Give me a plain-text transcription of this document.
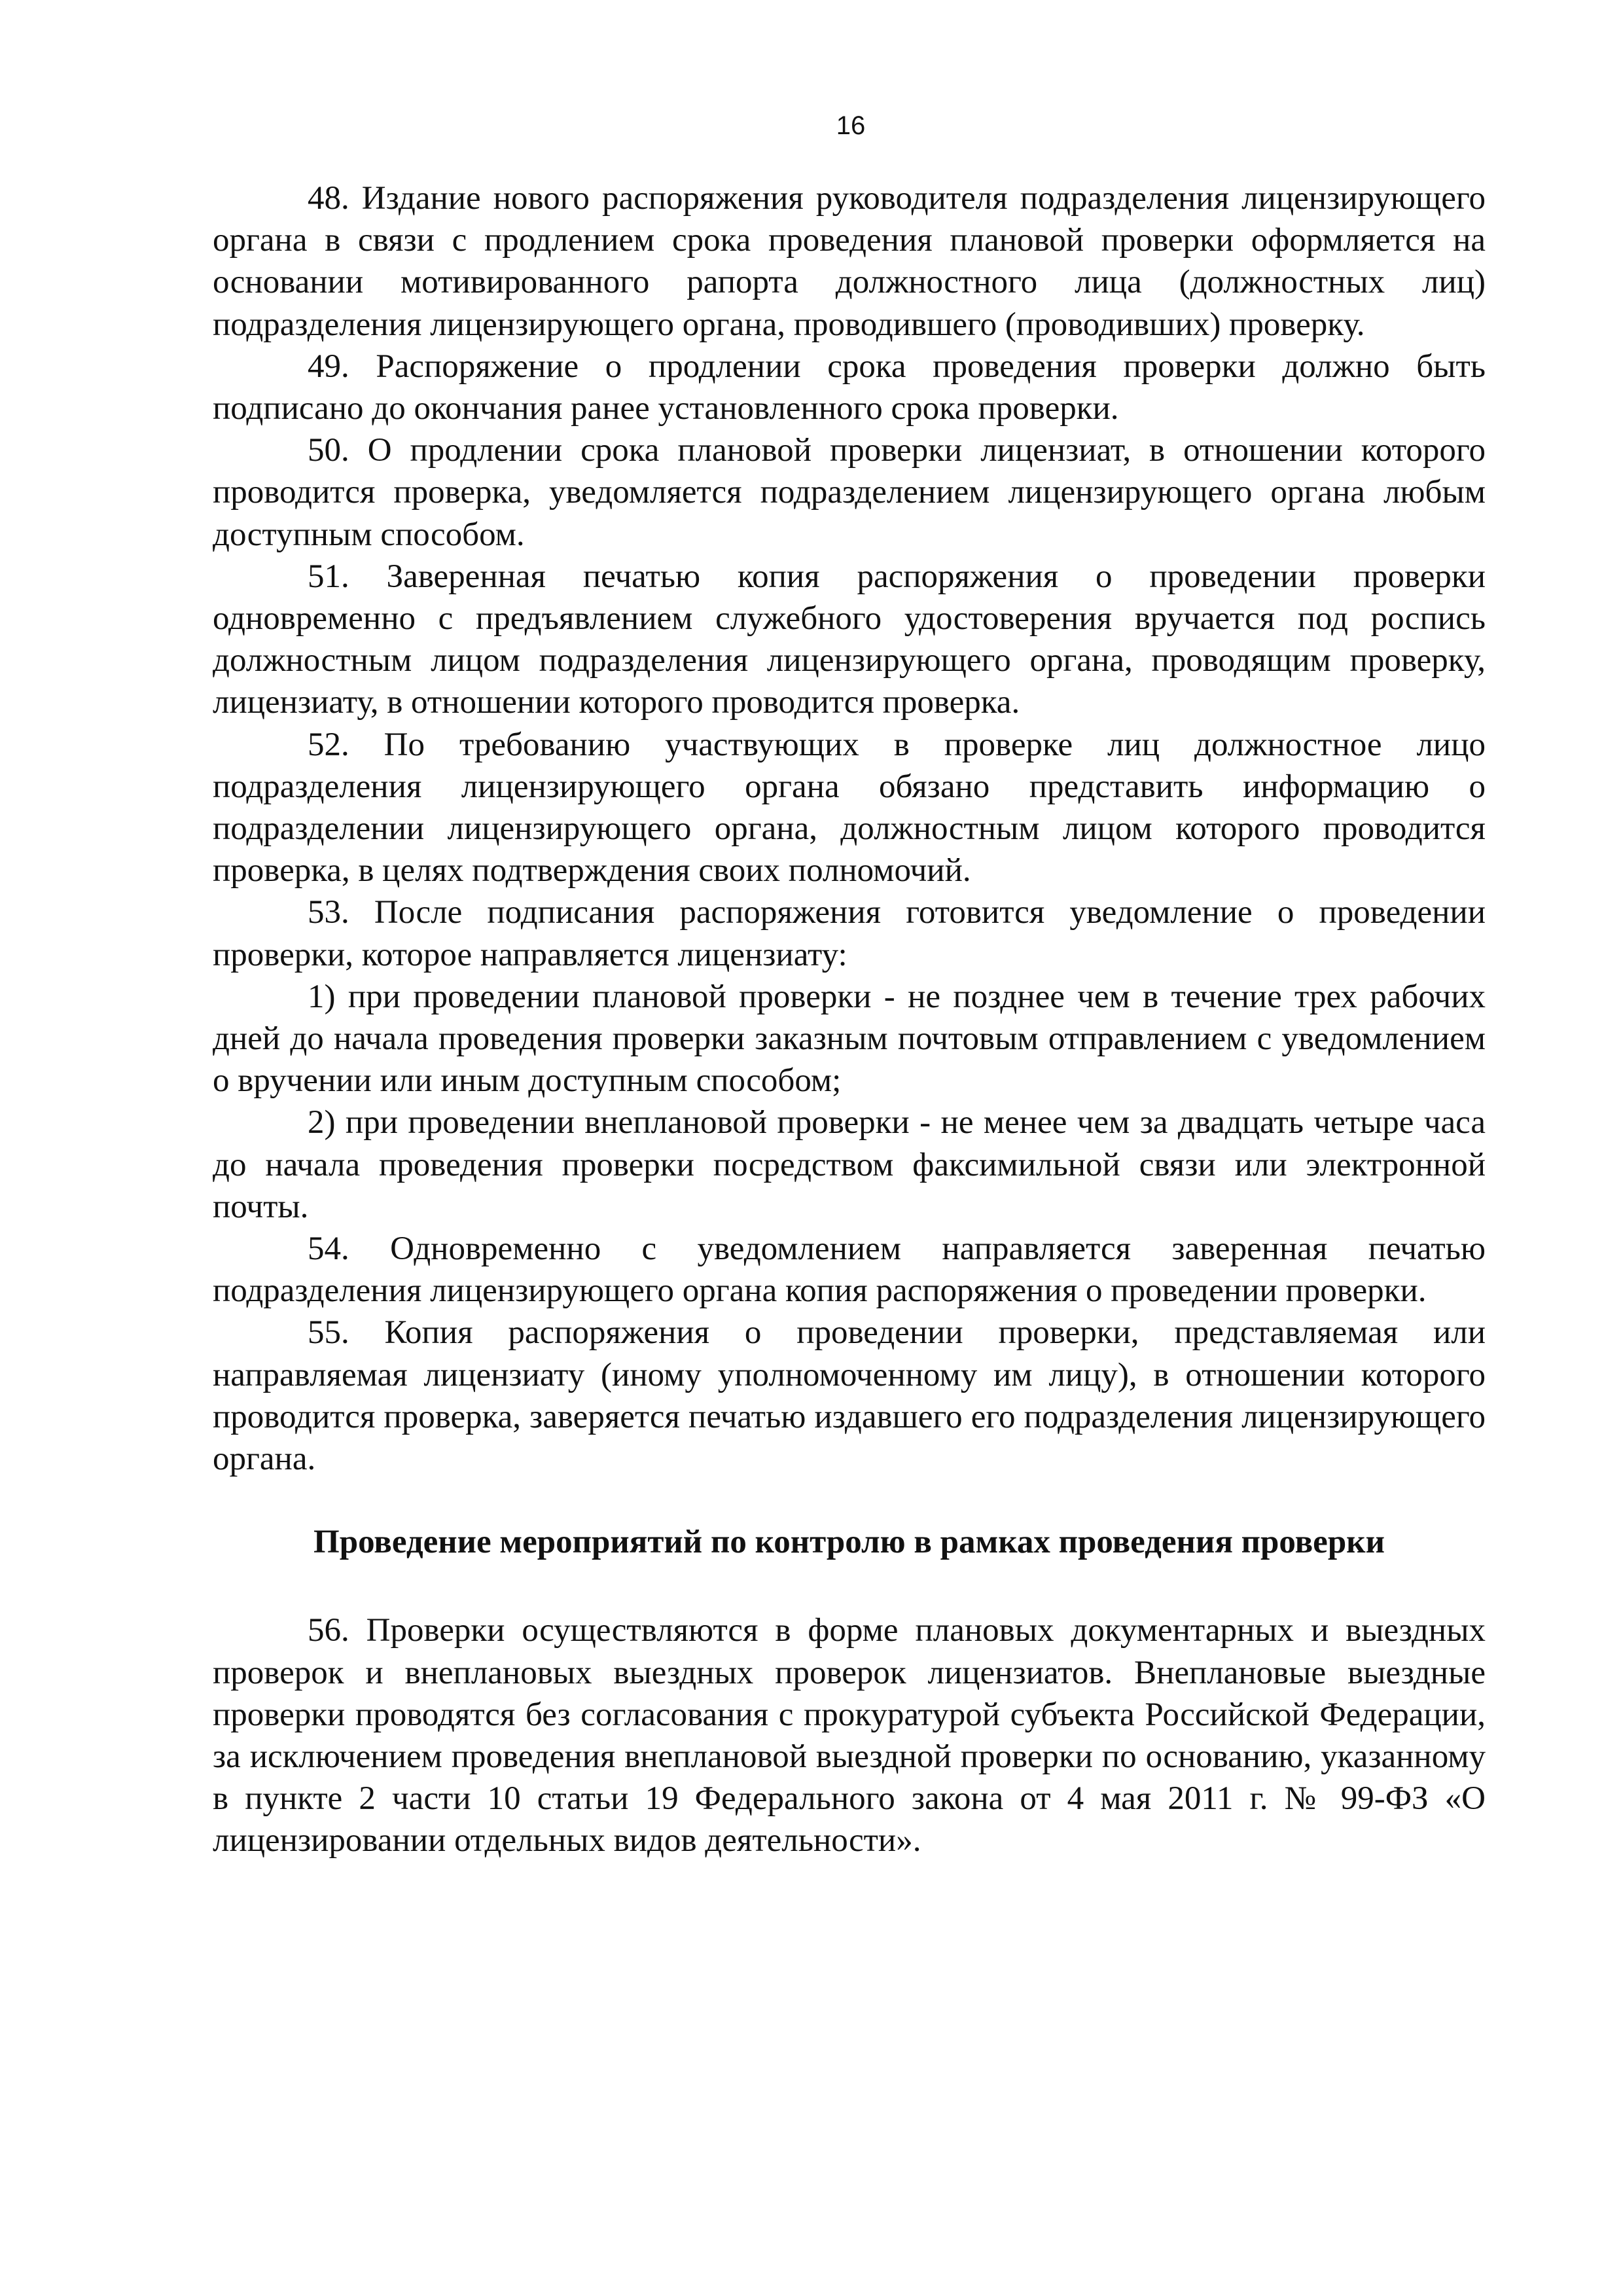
16

48. Издание нового распоряжения руководителя подразделения лицензирующего органа в связи с продлением срока проведения плановой проверки оформляется на основании мотивированного рапорта должностного лица (должностных лиц) подразделения лицензирующего органа, проводившего (проводивших) проверку.

49. Распоряжение о продлении срока проведения проверки должно быть подписано до окончания ранее установленного срока проверки.

50. О продлении срока плановой проверки лицензиат, в отношении которого проводится проверка, уведомляется подразделением лицензирующего органа любым доступным способом.

51. Заверенная печатью копия распоряжения о проведении проверки одновременно с предъявлением служебного удостоверения вручается под роспись должностным лицом подразделения лицензирующего органа, проводящим проверку, лицензиату, в отношении которого проводится проверка.

52. По требованию участвующих в проверке лиц должностное лицо подразделения лицензирующего органа обязано представить информацию о подразделении лицензирующего органа, должностным лицом которого проводится проверка, в целях подтверждения своих полномочий.

53. После подписания распоряжения готовится уведомление о проведении проверки, которое направляется лицензиату:

1) при проведении плановой проверки - не позднее чем в течение трех рабочих дней до начала проведения проверки заказным почтовым отправлением с уведомлением о вручении или иным доступным способом;

2) при проведении внеплановой проверки - не менее чем за двадцать четыре часа до начала проведения проверки посредством факсимильной связи или электронной почты.

54. Одновременно с уведомлением направляется заверенная печатью подразделения лицензирующего органа копия распоряжения о проведении проверки.

55. Копия распоряжения о проведении проверки, представляемая или направляемая лицензиату (иному уполномоченному им лицу), в отношении которого проводится проверка, заверяется печатью издавшего его подразделения лицензирующего органа.

Проведение мероприятий по контролю в рамках проведения проверки

56. Проверки осуществляются в форме плановых документарных и выездных проверок и внеплановых выездных проверок лицензиатов. Внеплановые выездные проверки проводятся без согласования с прокуратурой субъекта Российской Федерации, за исключением проведения внеплановой выездной проверки по основанию, указанному в пункте 2 части 10 статьи 19 Федерального закона от 4 мая 2011 г. № 99-ФЗ «О лицензировании отдельных видов деятельности».
